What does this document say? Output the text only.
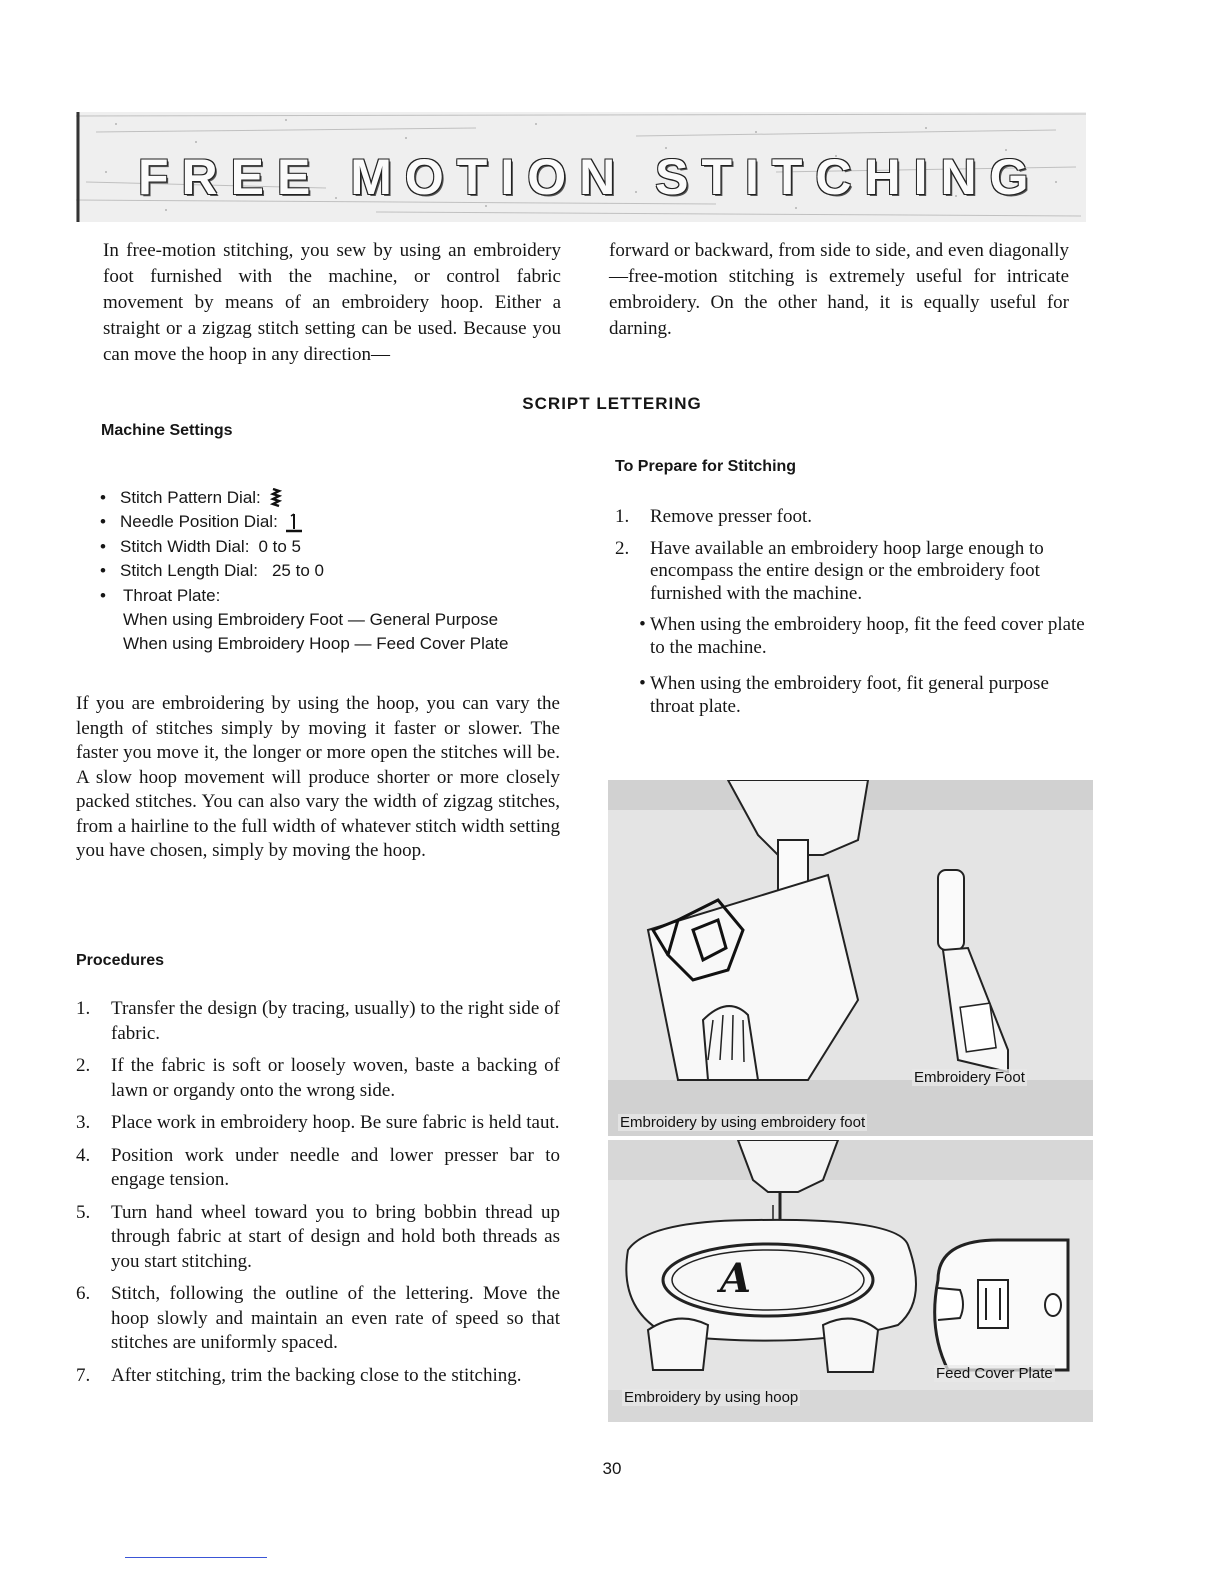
FREE MOTION STITCHING

In free-motion stitching, you sew by using an embroidery foot furnished with the machine, or control fabric movement by means of an embroidery hoop. Either a straight or a zigzag stitch setting can be used. Because you can move the hoop in any direction—

forward or backward, from side to side, and even diagonally—free-motion stitching is extremely useful for intricate embroidery. On the other hand, it is equally useful for darning.

SCRIPT LETTERING
Machine Settings
• Stitch Pattern Dial:
• Needle Position Dial:
• Stitch Width Dial: 0 to 5
• Stitch Length Dial: 25 to 0
•	Throat Plate:
When using Embroidery Foot — General Purpose
When using Embroidery Hoop — Feed Cover Plate

If you are embroidering by using the hoop, you can vary the length of stitches simply by moving it faster or slower. The faster you move it, the longer or more open the stitches will be. A slow hoop movement will produce shorter or more closely packed stitches. You can also vary the width of zigzag stitches, from a hairline to the full width of whatever stitch width setting you have chosen, simply by moving the hoop.

Procedures
1.	Transfer the design (by tracing, usually) to the right side of fabric.
2.	If the fabric is soft or loosely woven, baste a backing of lawn or organdy onto the wrong side.
3.	Place work in embroidery hoop. Be sure fabric is held taut.
4.	Position work under needle and lower presser bar to engage tension.
5.	Turn hand wheel toward you to bring bobbin thread up through fabric at start of design and hold both threads as you start stitching.
6.	Stitch, following the outline of the lettering. Move the hoop slowly and maintain an even rate of speed so that stitches are uniformly spaced.
7.	After stitching, trim the backing close to the stitching.
To Prepare for Stitching
1.	Remove presser foot.
2.	Have available an embroidery hoop large enough to encompass the entire design or the embroidery foot furnished with the machine.
• When using the embroidery hoop, fit the feed cover plate to the machine.
• When using the embroidery foot, fit general purpose throat plate.
Embroidery Foot
Embroidery by using embroidery foot
A
Feed Cover Plate
Embroidery by using hoop
30
